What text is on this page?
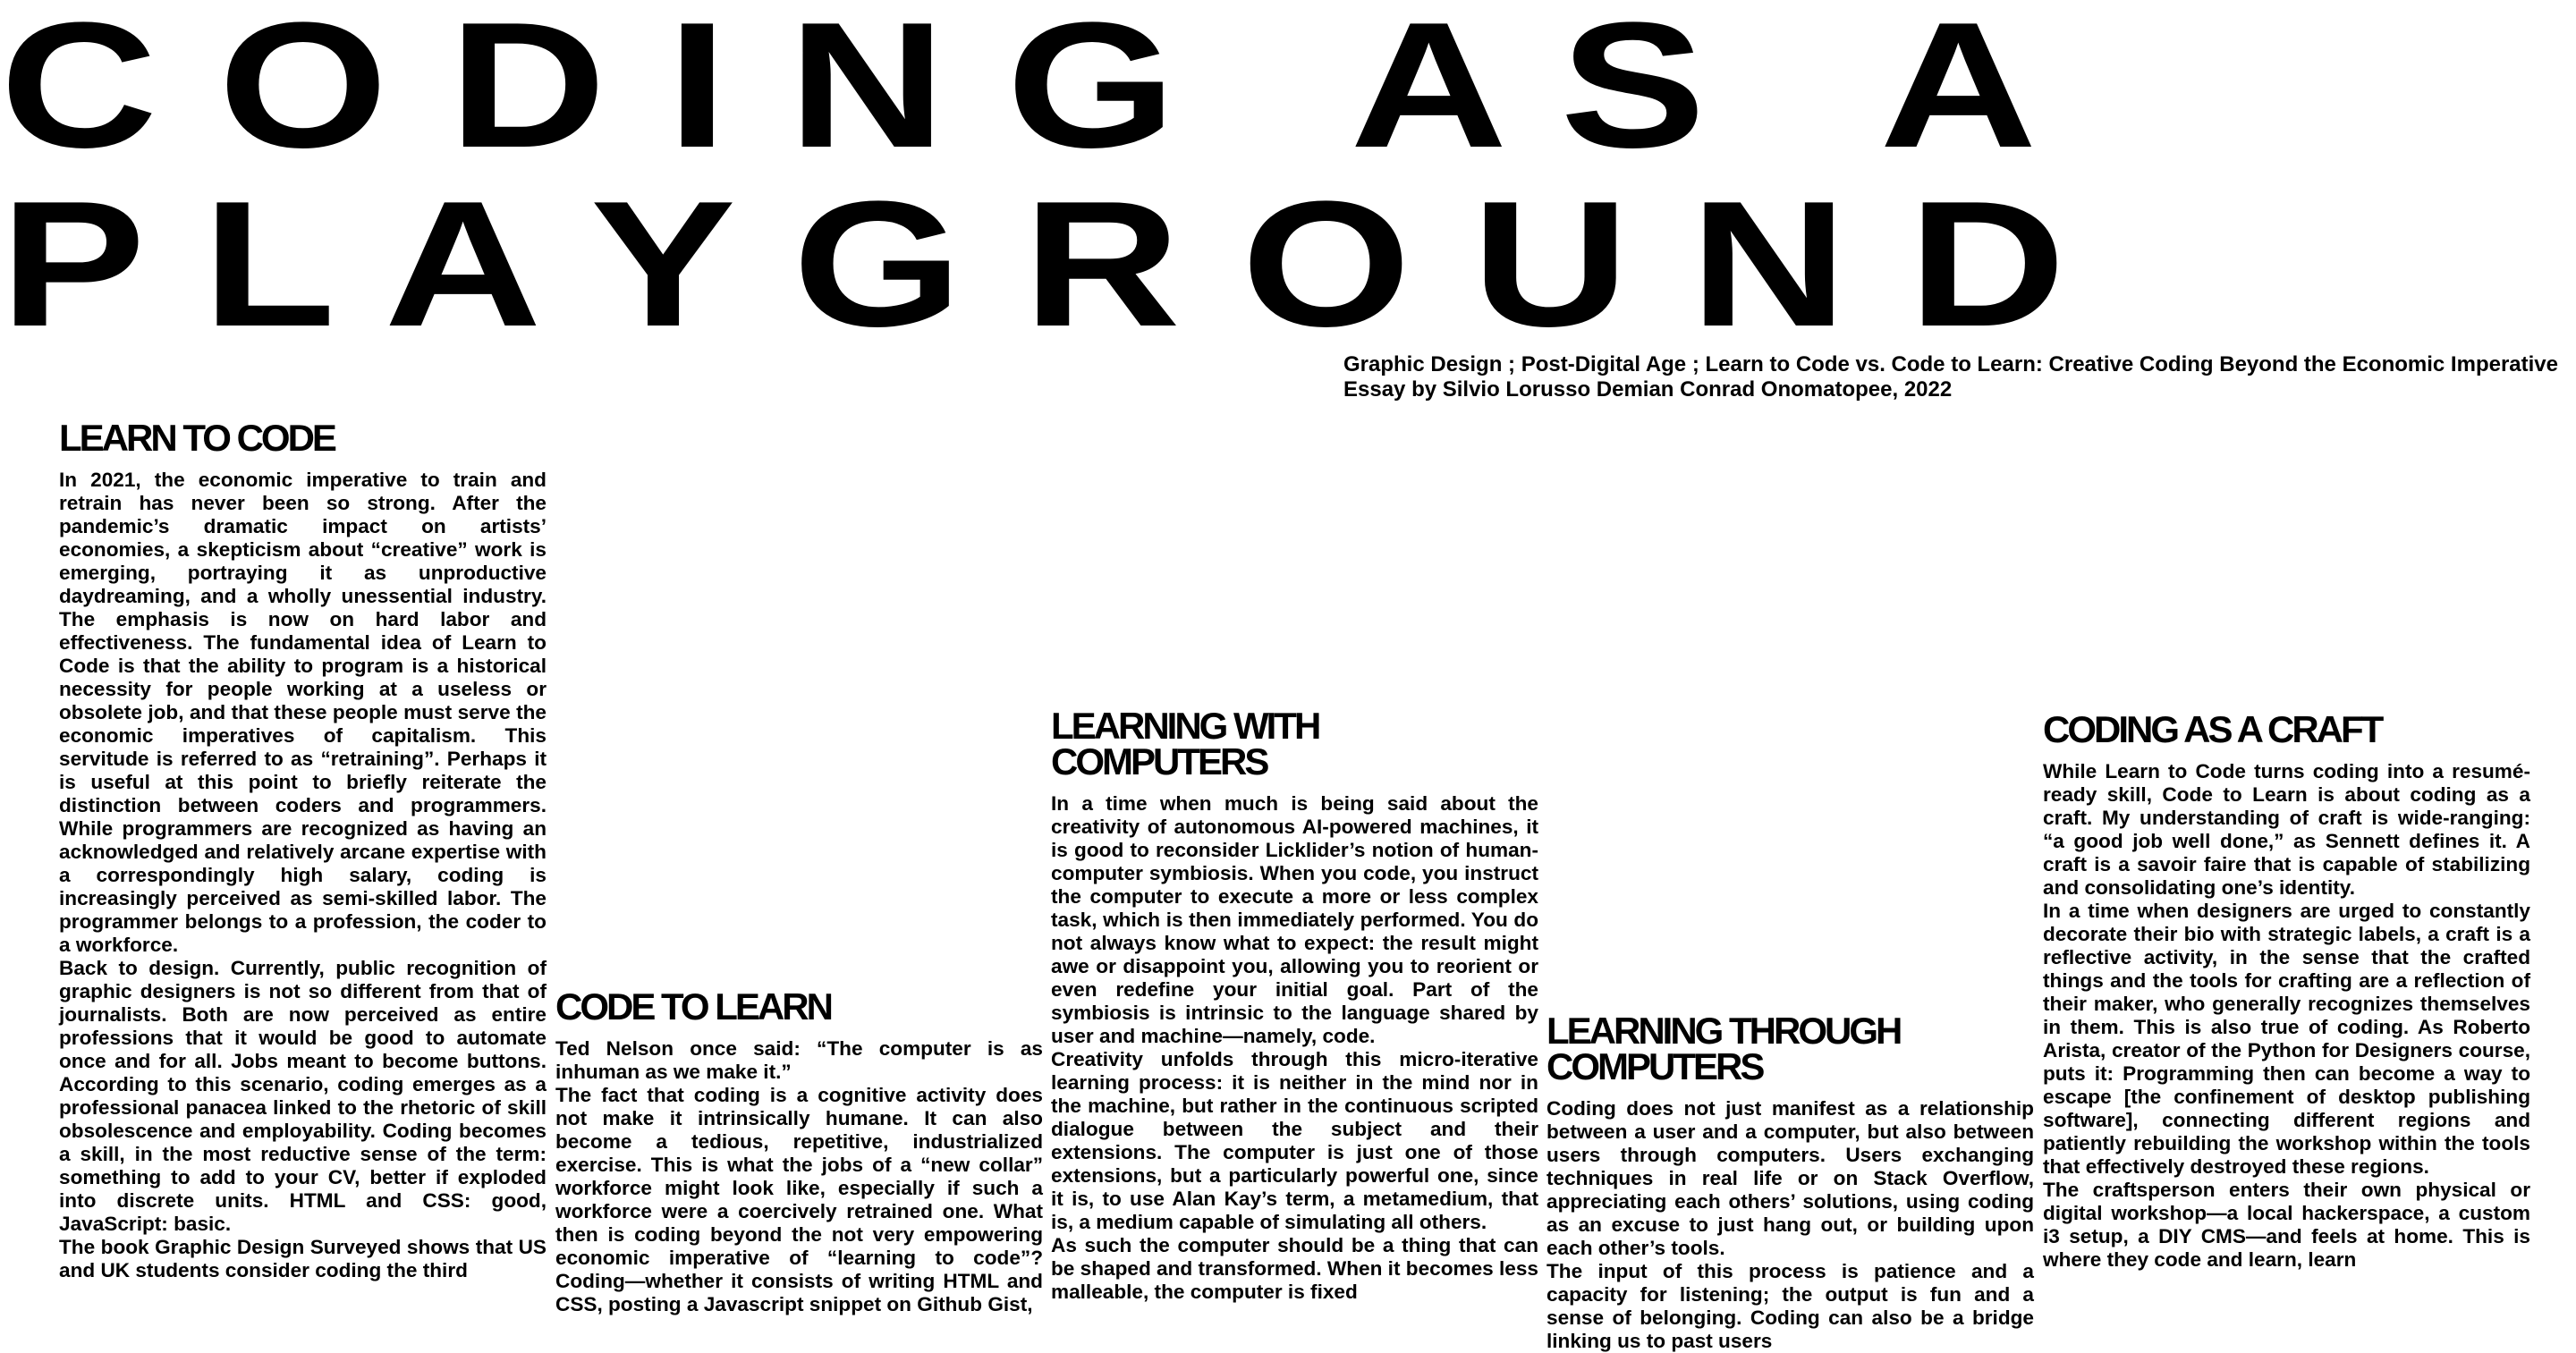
C O D I N G   A S   A
P L A Y G R O U N D
Graphic Design ; Post-Digital Age ; Learn to Code vs. Code to Learn: Creative Coding Beyond the Economic Imperative
Essay by Silvio Lorusso Demian Conrad Onomatopee, 2022
LEARN TO CODE

In 2021, the economic imperative to train and retrain has never been so strong. After the pandemic’s dramatic impact on artists’ economies, a skepticism about “creative” work is emerging, portraying it as unproductive daydreaming, and a wholly unessential industry. The emphasis is now on hard labor and effectiveness. The fundamental idea of Learn to Code is that the ability to program is a historical necessity for people working at a useless or obsolete job, and that these people must serve the economic imperatives of capitalism. This servitude is referred to as “retraining”. Perhaps it is useful at this point to briefly reiterate the distinction between coders and programmers. While programmers are recognized as having an acknowledged and relatively arcane expertise with a correspondingly high salary, coding is increasingly perceived as semi-skilled labor. The programmer belongs to a profession, the coder to a workforce.

Back to design. Currently, public recognition of graphic designers is not so different from that of journalists. Both are now perceived as entire professions that it would be good to automate once and for all. Jobs meant to become buttons. According to this scenario, coding emerges as a professional panacea linked to the rhetoric of skill obsolescence and employability. Coding becomes a skill, in the most reductive sense of the term: something to add to your CV, better if exploded into discrete units. HTML and CSS: good, JavaScript: basic.

The book Graphic Design Surveyed shows that US and UK students consider coding the third

CODE TO LEARN

Ted Nelson once said: “The computer is as inhuman as we make it.”

The fact that coding is a cognitive activity does not make it intrinsically humane. It can also become a tedious, repetitive, industrialized exercise. This is what the jobs of a “new collar” workforce might look like, especially if such a workforce were a coercively retrained one. What then is coding beyond the not very empowering economic imperative of “learning to code”? Coding—whether it consists of writing HTML and CSS, posting a Javascript snippet on Github Gist,

LEARNING WITH COMPUTERS

In a time when much is being said about the creativity of autonomous AI-powered machines, it is good to reconsider Licklider’s notion of human-computer symbiosis. When you code, you instruct the computer to execute a more or less complex task, which is then immediately performed. You do not always know what to expect: the result might awe or disappoint you, allowing you to reorient or even redefine your initial goal. Part of the symbiosis is intrinsic to the language shared by user and machine—namely, code.

Creativity unfolds through this micro-iterative learning process: it is neither in the mind nor in the machine, but rather in the continuous scripted dialogue between the subject and their extensions. The computer is just one of those extensions, but a particularly powerful one, since it is, to use Alan Kay’s term, a metamedium, that is, a medium capable of simulating all others.

As such the computer should be a thing that can be shaped and transformed. When it becomes less malleable, the computer is fixed

LEARNING THROUGH COMPUTERS

Coding does not just manifest as a relationship between a user and a computer, but also between users through computers. Users exchanging techniques in real life or on Stack Overflow, appreciating each others’ solutions, using coding as an excuse to just hang out, or building upon each other’s tools.

The input of this process is patience and a capacity for listening; the output is fun and a sense of belonging. Coding can also be a bridge linking us to past users

CODING AS A CRAFT

While Learn to Code turns coding into a resumé-ready skill, Code to Learn is about coding as a craft. My understanding of craft is wide-ranging: “a good job well done,” as Sennett defines it. A craft is a savoir faire that is capable of stabilizing and consolidating one’s identity.

In a time when designers are urged to constantly decorate their bio with strategic labels, a craft is a reflective activity, in the sense that the crafted things and the tools for crafting are a reflection of their maker, who generally recognizes themselves in them. This is also true of coding. As Roberto Arista, creator of the Python for Designers course, puts it: Programming then can become a way to escape [the confinement of desktop publishing software], connecting different regions and patiently rebuilding the workshop within the tools that effectively destroyed these regions.

The craftsperson enters their own physical or digital workshop—a local hackerspace, a custom i3 setup, a DIY CMS—and feels at home. This is where they code and learn, learn
